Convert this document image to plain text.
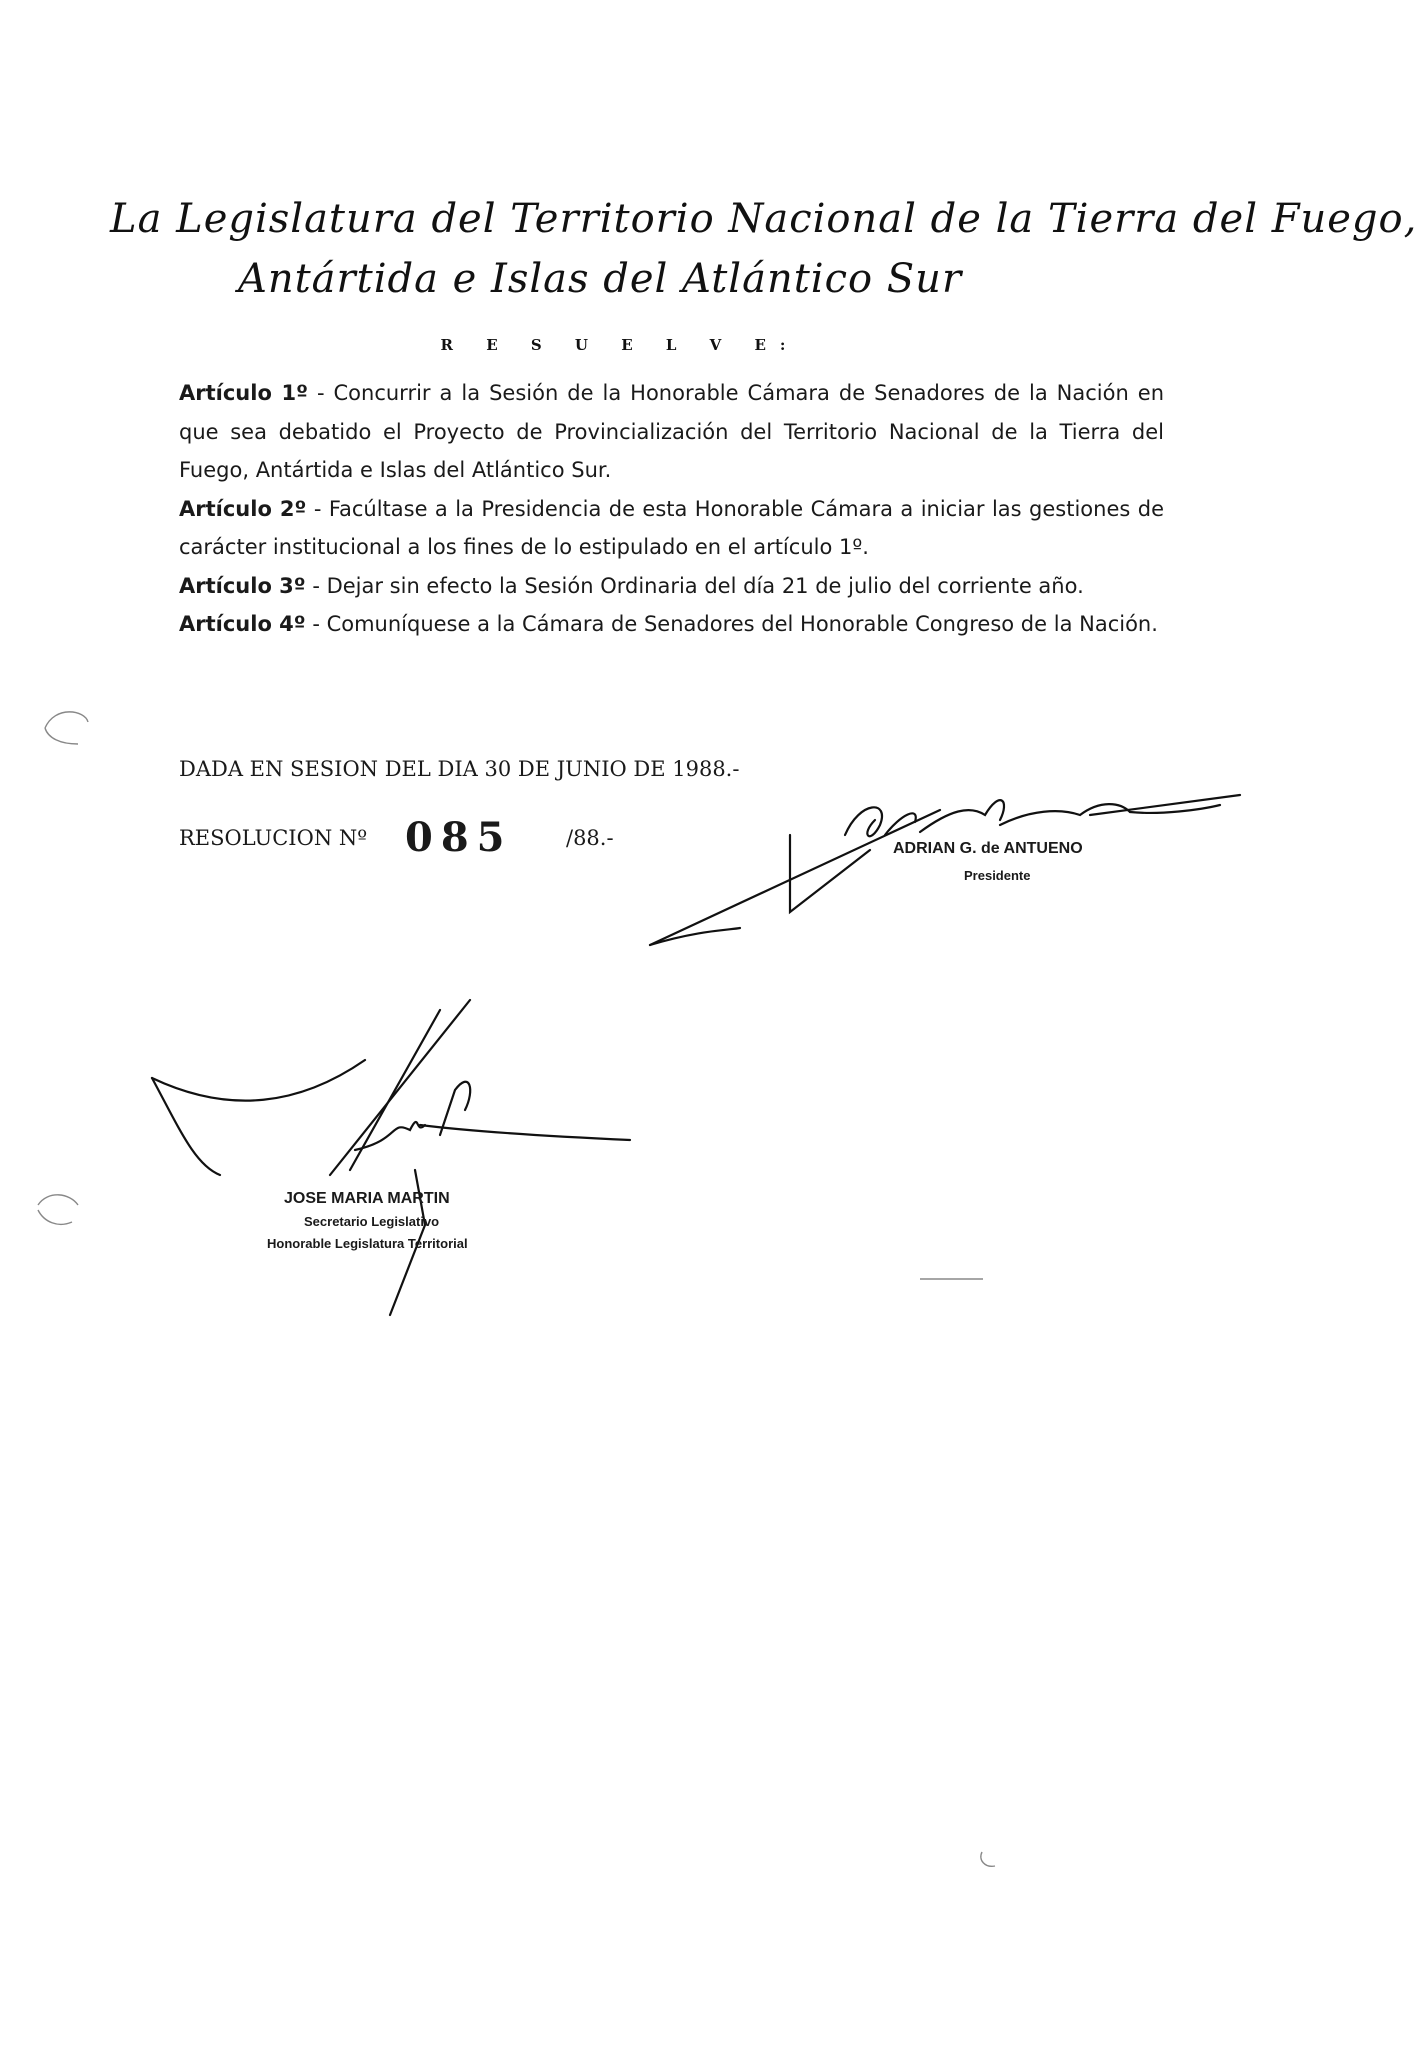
La Legislatura del Territorio Nacional de la Tierra del Fuego,
Antártida e Islas del Atlántico Sur
R E S U E L V E:

Artículo 1º - Concurrir a la Sesión de la Honorable Cámara de Senadores de la Nación en que sea debatido el Proyecto de Provincialización del Territorio Nacional de la Tierra del Fuego, Antártida e Islas del Atlántico Sur.

Artículo 2º - Facúltase a la Presidencia de esta Honorable Cámara a iniciar las gestiones de carácter institucional a los fines de lo estipulado en el artículo 1º.

Artículo 3º - Dejar sin efecto la Sesión Ordinaria del día 21 de julio del corriente año.

Artículo 4º - Comuníquese a la Cámara de Senadores del Honorable Congreso de la Nación.

DADA EN SESION DEL DIA 30 DE JUNIO DE 1988.-
RESOLUCION Nº 085	/88.-	ADRIAN G. de ANTUENO
Presidente
JOSE MARIA MARTIN
Secretario Legislativo
Honorable Legislatura Territorial
